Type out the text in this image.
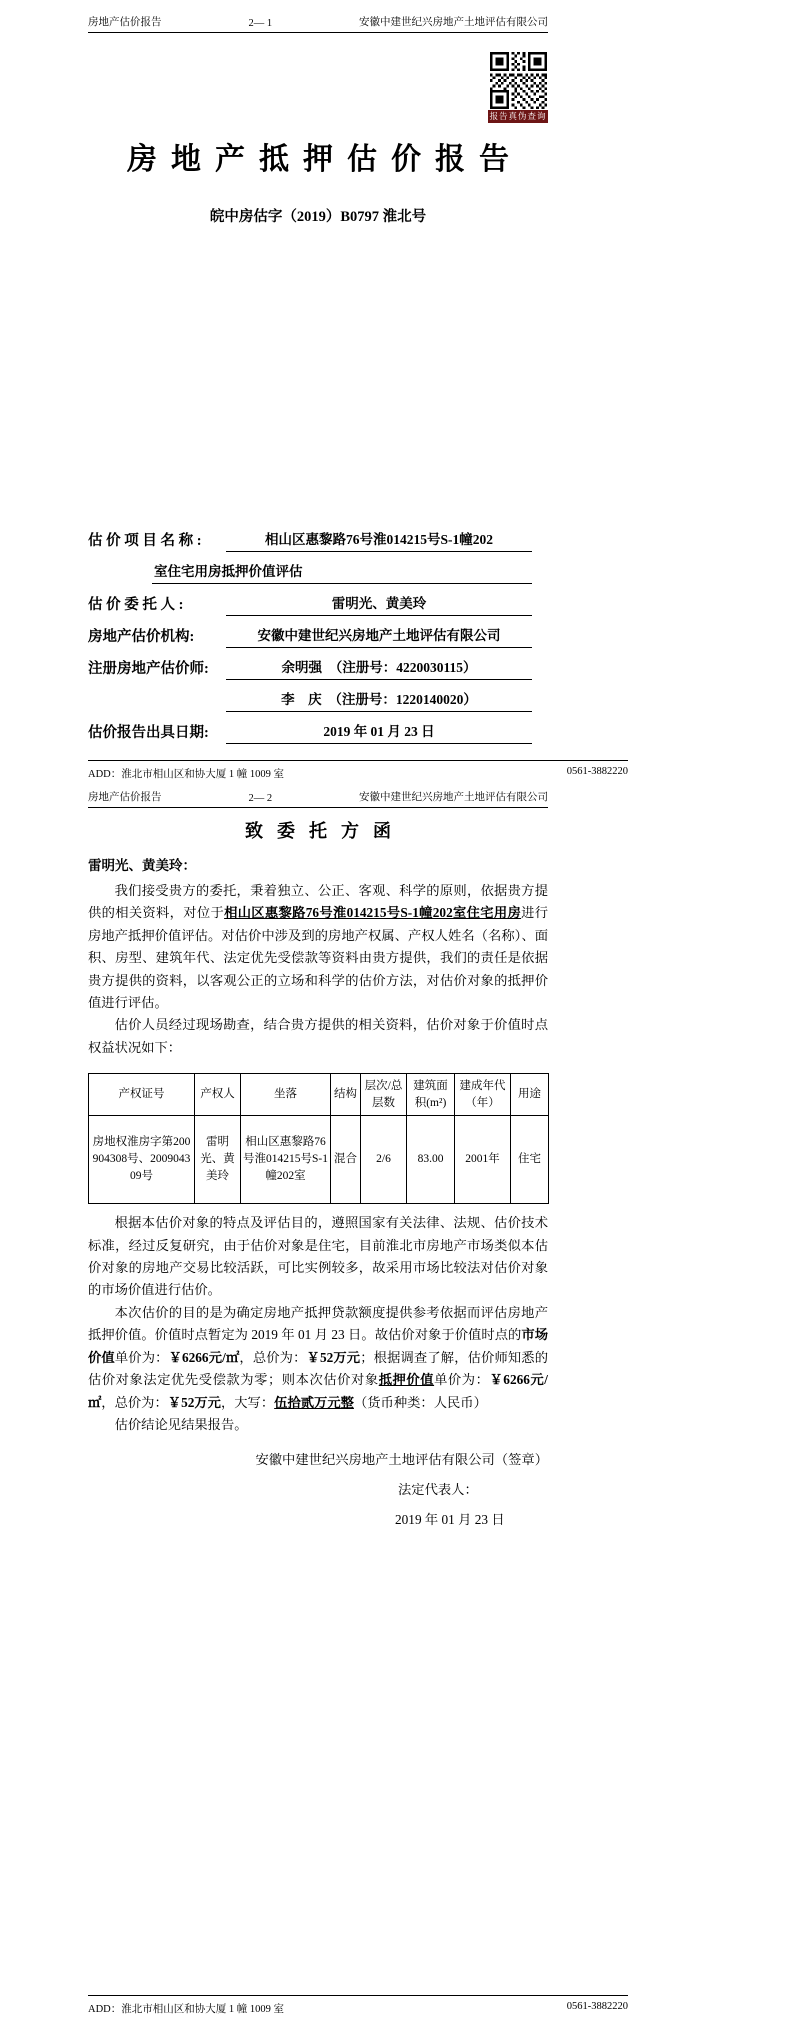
房地产估价报告	2— 1	安徽中建世纪兴房地产土地评估有限公司
房地产抵押估价报告
皖中房估字（2019）B0797 淮北号
估 价 项 目 名 称 :	相山区惠黎路76号淮014215号S-1幢202
室住宅用房抵押价值评估
估 价 委 托 人 :	雷明光、黄美玲
房地产估价机构:	安徽中建世纪兴房地产土地评估有限公司
注册房地产估价师:	余明强　（注册号：4220030115）
李　庆　（注册号：1220140020）
估价报告出具日期:	2019 年 01 月 23 日
报告真伪查询
ADD：淮北市相山区和协大厦 1 幢 1009 室	0561-3882220
房地产估价报告	2— 2	安徽中建世纪兴房地产土地评估有限公司
致委托方函
雷明光、黄美玲：

我们接受贵方的委托，秉着独立、公正、客观、科学的原则，依据贵方提供的相关资料，对位于相山区惠黎路76号淮014215号S-1幢202室住宅用房进行房地产抵押价值评估。对估价中涉及到的房地产权属、产权人姓名（名称）、面积、房型、建筑年代、法定优先受偿款等资料由贵方提供，我们的责任是依据贵方提供的资料，以客观公正的立场和科学的估价方法，对估价对象的抵押价值进行评估。

估价人员经过现场勘查，结合贵方提供的相关资料，估价对象于价值时点权益状况如下：

产权证号	产权人	坐落	结构	层次/总层数	建筑面积(m²)	建成年代（年）	用途
房地权淮房字第200904308号、200904309号	雷明光、黄美玲	相山区惠黎路76号淮014215号S-1幢202室	混合	2/6	83.00	2001年	住宅

根据本估价对象的特点及评估目的，遵照国家有关法律、法规、估价技术标准，经过反复研究，由于估价对象是住宅，目前淮北市房地产市场类似本估价对象的房地产交易比较活跃，可比实例较多，故采用市场比较法对估价对象的市场价值进行估价。

本次估价的目的是为确定房地产抵押贷款额度提供参考依据而评估房地产抵押价值。价值时点暂定为 2019 年 01 月 23 日。故估价对象于价值时点的市场价值单价为：￥6266元/㎡，总价为：￥52万元；根据调查了解，估价师知悉的估价对象法定优先受偿款为零；则本次估价对象抵押价值单价为：￥6266元/㎡，总价为：￥52万元，大写：伍拾贰万元整（货币种类：人民币）

估价结论见结果报告。

安徽中建世纪兴房地产土地评估有限公司（签章）
法定代表人：
2019 年 01 月 23 日
ADD：淮北市相山区和协大厦 1 幢 1009 室	0561-3882220
